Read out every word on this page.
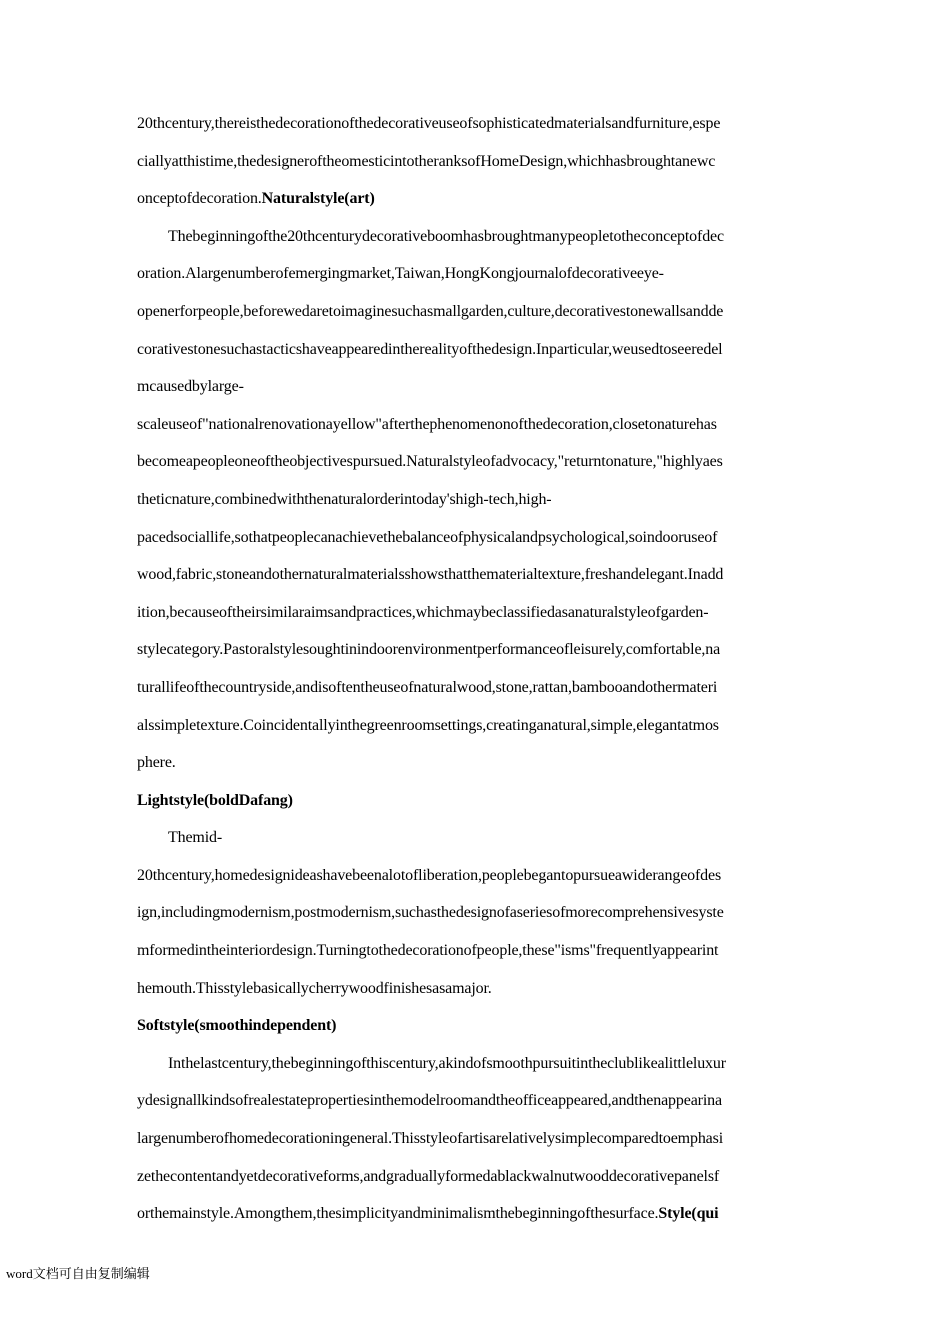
20thcentury,thereisthedecorationofthedecorativeuseofsophisticatedmaterialsandfurniture,espe
ciallyatthistime,thedesigneroftheomesticintotheranksofHomeDesign,whichhasbroughtanewc
onceptofdecoration.Naturalstyle(art)
Thebeginningofthe20thcenturydecorativeboomhasbroughtmanypeopletotheconceptofdec
oration.Alargenumberofemergingmarket,Taiwan,HongKongjournalofdecorativeeye-
openerforpeople,beforewedaretoimaginesuchasmallgarden,culture,decorativestonewallsandde
corativestonesuchastacticshaveappearedintherealityofthedesign.Inparticular,weusedtoseeredel
mcausedbylarge-
scaleuseof"nationalrenovationayellow"afterthephenomenonofthedecoration,closetonaturehas
becomeapeopleoneoftheobjectivespursued.Naturalstyleofadvocacy,"returntonature,"highlyaes
theticnature,combinedwiththenaturalorderintoday'shigh-tech,high-
pacedsociallife,sothatpeoplecanachievethebalanceofphysicalandpsychological,soindooruseof
wood,fabric,stoneandothernaturalmaterialsshowsthatthematerialtexture,freshandelegant.Inadd
ition,becauseoftheirsimilaraimsandpractices,whichmaybeclassifiedasanaturalstyleofgarden-
stylecategory.Pastoralstylesoughtinindoorenvironmentperformanceofleisurely,comfortable,na
turallifeofthecountryside,andisoftentheuseofnaturalwood,stone,rattan,bambooandothermateri
alssimpletexture.Coincidentallyinthegreenroomsettings,creatinganatural,simple,elegantatmos
phere.
Lightstyle(boldDafang)
Themid-
20thcentury,homedesignideashavebeenalotofliberation,peoplebegantopursueawiderangeofdes
ign,includingmodernism,postmodernism,suchasthedesignofaseriesofmorecomprehensivesyste
mformedintheinteriordesign.Turningtothedecorationofpeople,these"isms"frequentlyappearint
hemouth.Thisstylebasicallycherrywoodfinishesasamajor.
Softstyle(smoothindependent)
Inthelastcentury,thebeginningofthiscentury,akindofsmoothpursuitintheclublikealittleluxur
ydesignallkindsofrealestatepropertiesinthemodelroomandtheofficeappeared,andthenappearina
largenumberofhomedecorationingeneral.Thisstyleofartisarelativelysimplecomparedtoemphasi
zethecontentandyetdecorativeforms,andgraduallyformedablackwalnutwooddecorativepanelsf
orthemainstyle.Amongthem,thesimplicityandminimalismthebeginningofthesurface.Style(qui
word文档可自由复制编辑
